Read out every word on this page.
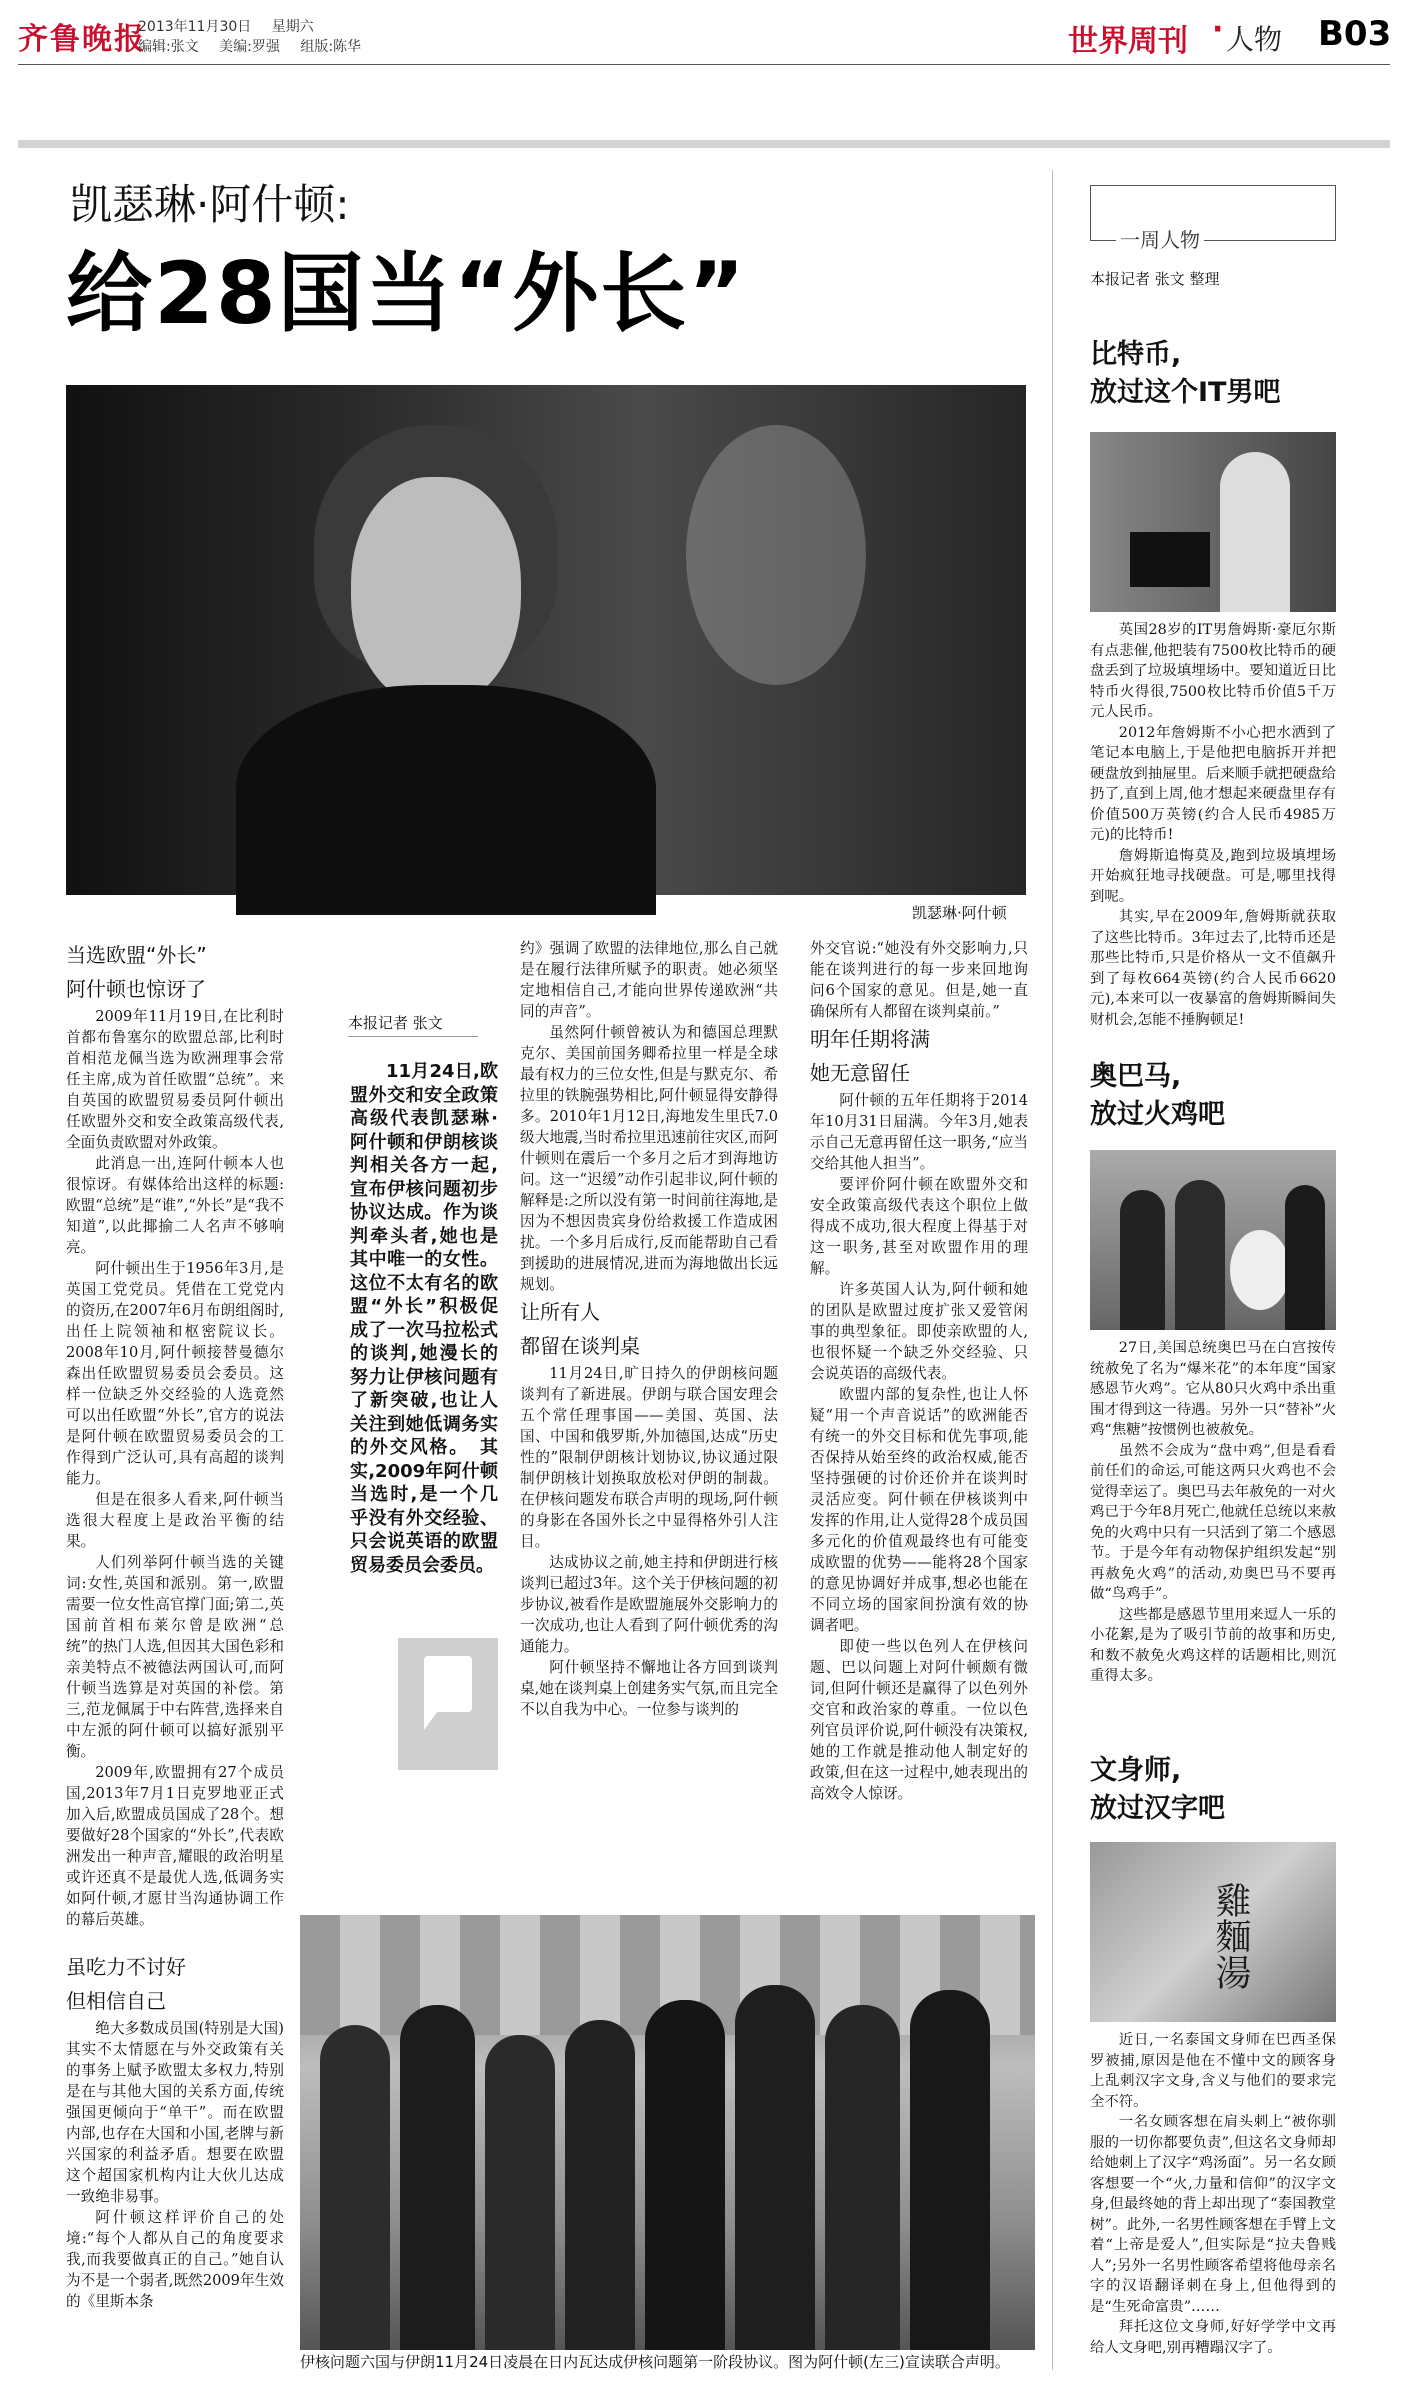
齐鲁晚报
2013年11月30日 星期六
编辑:张文 美编:罗强 组版:陈华	世界周刊 · 人物 B03
凯瑟琳·阿什顿:
给28国当“外长”
凯瑟琳·阿什顿

当选欧盟“外长”

阿什顿也惊讶了

2009年11月19日,在比利时首都布鲁塞尔的欧盟总部,比利时首相范龙佩当选为欧洲理事会常任主席,成为首任欧盟“总统”。来自英国的欧盟贸易委员阿什顿出任欧盟外交和安全政策高级代表,全面负责欧盟对外政策。

此消息一出,连阿什顿本人也很惊讶。有媒体给出这样的标题:欧盟“总统”是“谁”,“外长”是“我不知道”,以此揶揄二人名声不够响亮。

阿什顿出生于1956年3月,是英国工党党员。凭借在工党党内的资历,在2007年6月布朗组阁时,出任上院领袖和枢密院议长。2008年10月,阿什顿接替曼德尔森出任欧盟贸易委员会委员。这样一位缺乏外交经验的人选竟然可以出任欧盟“外长”,官方的说法是阿什顿在欧盟贸易委员会的工作得到广泛认可,具有高超的谈判能力。

但是在很多人看来,阿什顿当选很大程度上是政治平衡的结果。

人们列举阿什顿当选的关键词:女性,英国和派别。第一,欧盟需要一位女性高官撑门面;第二,英国前首相布莱尔曾是欧洲“总统”的热门人选,但因其大国色彩和亲美特点不被德法两国认可,而阿什顿当选算是对英国的补偿。第三,范龙佩属于中右阵营,选择来自中左派的阿什顿可以搞好派别平衡。

2009年,欧盟拥有27个成员国,2013年7月1日克罗地亚正式加入后,欧盟成员国成了28个。想要做好28个国家的“外长”,代表欧洲发出一种声音,耀眼的政治明星或许还真不是最优人选,低调务实如阿什顿,才愿甘当沟通协调工作的幕后英雄。

本报记者 张文

11月24日,欧盟外交和安全政策高级代表凯瑟琳·阿什顿和伊朗核谈判相关各方一起,宣布伊核问题初步协议达成。作为谈判牵头者,她也是其中唯一的女性。这位不太有名的欧盟“外长”积极促成了一次马拉松式的谈判,她漫长的努力让伊核问题有了新突破,也让人关注到她低调务实的外交风格。　其实,2009年阿什顿当选时,是一个几乎没有外交经验、只会说英语的欧盟贸易委员会委员。

约》强调了欧盟的法律地位,那么自己就是在履行法律所赋予的职责。她必须坚定地相信自己,才能向世界传递欧洲“共同的声音”。

虽然阿什顿曾被认为和德国总理默克尔、美国前国务卿希拉里一样是全球最有权力的三位女性,但是与默克尔、希拉里的铁腕强势相比,阿什顿显得安静得多。2010年1月12日,海地发生里氏7.0级大地震,当时希拉里迅速前往灾区,而阿什顿则在震后一个多月之后才到海地访问。这一“迟缓”动作引起非议,阿什顿的解释是:之所以没有第一时间前往海地,是因为不想因贵宾身份给救援工作造成困扰。一个多月后成行,反而能帮助自己看到援助的进展情况,进而为海地做出长远规划。

让所有人

都留在谈判桌

11月24日,旷日持久的伊朗核问题谈判有了新进展。伊朗与联合国安理会五个常任理事国——美国、英国、法国、中国和俄罗斯,外加德国,达成“历史性的”限制伊朗核计划协议,协议通过限制伊朗核计划换取放松对伊朗的制裁。在伊核问题发布联合声明的现场,阿什顿的身影在各国外长之中显得格外引人注目。

达成协议之前,她主持和伊朗进行核谈判已超过3年。这个关于伊核问题的初步协议,被看作是欧盟施展外交影响力的一次成功,也让人看到了阿什顿优秀的沟通能力。

阿什顿坚持不懈地让各方回到谈判桌,她在谈判桌上创建务实气氛,而且完全不以自我为中心。一位参与谈判的

外交官说:“她没有外交影响力,只能在谈判进行的每一步来回地询问6个国家的意见。但是,她一直确保所有人都留在谈判桌前。”

明年任期将满

她无意留任

阿什顿的五年任期将于2014年10月31日届满。今年3月,她表示自己无意再留任这一职务,“应当交给其他人担当”。

要评价阿什顿在欧盟外交和安全政策高级代表这个职位上做得成不成功,很大程度上得基于对这一职务,甚至对欧盟作用的理解。

许多英国人认为,阿什顿和她的团队是欧盟过度扩张又爱管闲事的典型象征。即使亲欧盟的人,也很怀疑一个缺乏外交经验、只会说英语的高级代表。

欧盟内部的复杂性,也让人怀疑“用一个声音说话”的欧洲能否有统一的外交目标和优先事项,能否保持从始至终的政治权威,能否坚持强硬的讨价还价并在谈判时灵活应变。阿什顿在伊核谈判中发挥的作用,让人觉得28个成员国多元化的价值观最终也有可能变成欧盟的优势——能将28个国家的意见协调好并成事,想必也能在不同立场的国家间扮演有效的协调者吧。

即使一些以色列人在伊核问题、巴以问题上对阿什顿颇有微词,但阿什顿还是赢得了以色列外交官和政治家的尊重。一位以色列官员评价说,阿什顿没有决策权,她的工作就是推动他人制定好的政策,但在这一过程中,她表现出的高效令人惊讶。

伊核问题六国与伊朗11月24日凌晨在日内瓦达成伊核问题第一阶段协议。图为阿什顿(左三)宣读联合声明。

虽吃力不讨好

但相信自己

绝大多数成员国(特别是大国)其实不太情愿在与外交政策有关的事务上赋予欧盟太多权力,特别是在与其他大国的关系方面,传统强国更倾向于“单干”。而在欧盟内部,也存在大国和小国,老牌与新兴国家的利益矛盾。想要在欧盟这个超国家机构内让大伙儿达成一致绝非易事。

阿什顿这样评价自己的处境:“每个人都从自己的角度要求我,而我要做真正的自己。”她自认为不是一个弱者,既然2009年生效的《里斯本条

一周人物
本报记者 张文 整理
比特币,
放过这个IT男吧

英国28岁的IT男詹姆斯·豪厄尔斯有点悲催,他把装有7500枚比特币的硬盘丢到了垃圾填埋场中。要知道近日比特币火得很,7500枚比特币价值5千万元人民币。

2012年詹姆斯不小心把水洒到了笔记本电脑上,于是他把电脑拆开并把硬盘放到抽屉里。后来顺手就把硬盘给扔了,直到上周,他才想起来硬盘里存有价值500万英镑(约合人民币4985万元)的比特币!

詹姆斯追悔莫及,跑到垃圾填埋场开始疯狂地寻找硬盘。可是,哪里找得到呢。

其实,早在2009年,詹姆斯就获取了这些比特币。3年过去了,比特币还是那些比特币,只是价格从一文不值飙升到了每枚664英镑(约合人民币6620元),本来可以一夜暴富的詹姆斯瞬间失财机会,怎能不捶胸顿足!

奥巴马,
放过火鸡吧

27日,美国总统奥巴马在白宫按传统赦免了名为“爆米花”的本年度“国家感恩节火鸡”。它从80只火鸡中杀出重围才得到这一待遇。另外一只“替补”火鸡“焦糖”按惯例也被赦免。

虽然不会成为“盘中鸡”,但是看看前任们的命运,可能这两只火鸡也不会觉得幸运了。奥巴马去年赦免的一对火鸡已于今年8月死亡,他就任总统以来赦免的火鸡中只有一只活到了第二个感恩节。于是今年有动物保护组织发起“别再赦免火鸡”的活动,劝奥巴马不要再做“鸟鸡手”。

这些都是感恩节里用来逗人一乐的小花絮,是为了吸引节前的故事和历史,和数不赦免火鸡这样的话题相比,则沉重得太多。

文身师,
放过汉字吧
雞麵湯

近日,一名泰国文身师在巴西圣保罗被捕,原因是他在不懂中文的顾客身上乱刺汉字文身,含义与他们的要求完全不符。

一名女顾客想在肩头刺上“被你驯服的一切你都要负责”,但这名文身师却给她刺上了汉字“鸡汤面”。另一名女顾客想要一个“火,力量和信仰”的汉字文身,但最终她的背上却出现了“泰国教堂树”。此外,一名男性顾客想在手臂上文着“上帝是爱人”,但实际是“拉夫鲁贱人”;另外一名男性顾客希望将他母亲名字的汉语翻译刺在身上,但他得到的是“生死命富贵”……

拜托这位文身师,好好学学中文再给人文身吧,别再糟蹋汉字了。
